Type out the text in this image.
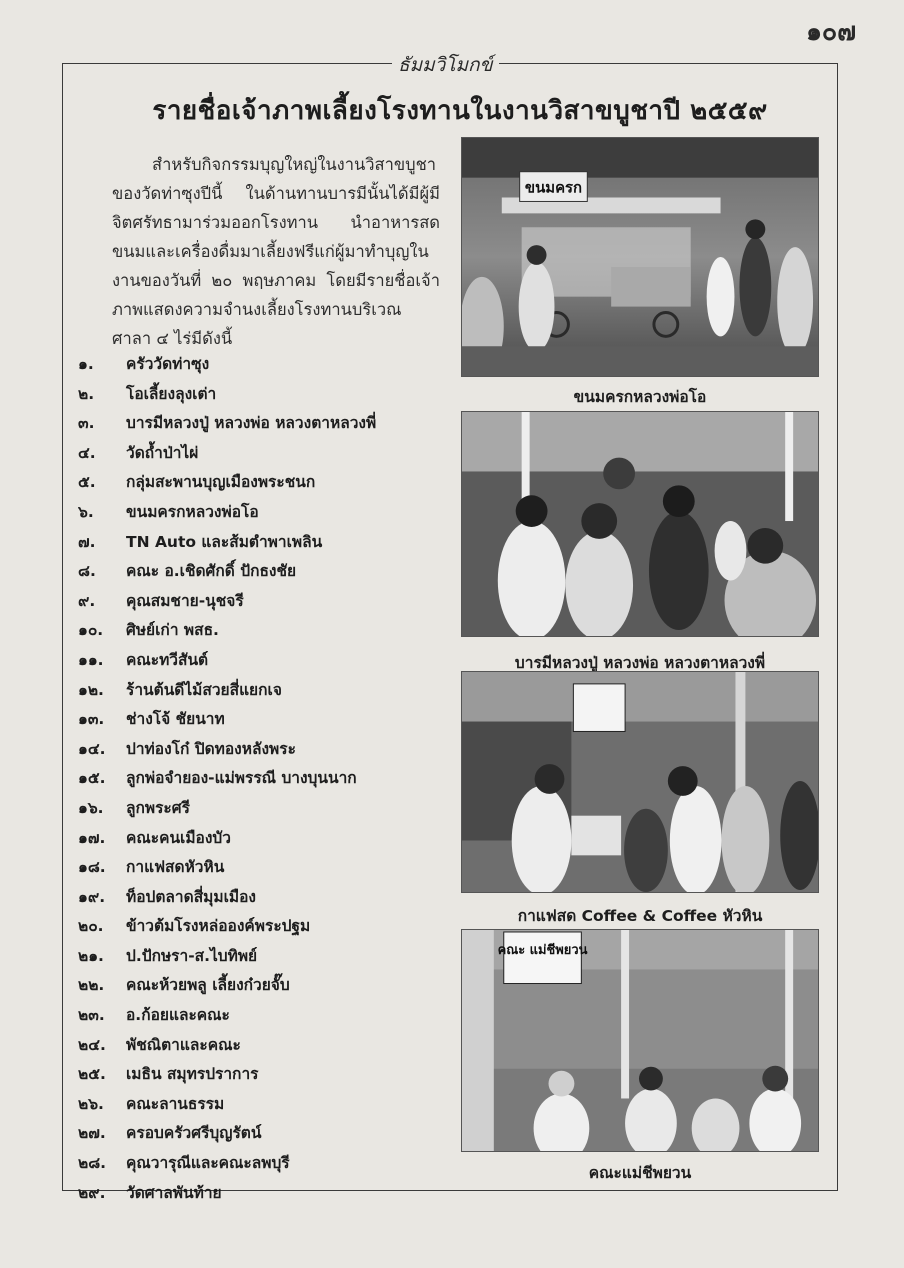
๑๐๗
ธัมมวิโมกข์
รายชื่อเจ้าภาพเลี้ยงโรงทานในงานวิสาขบูชาปี ๒๕๕๙
สำหรับกิจกรรมบุญใหญ่ในงานวิสาขบูชาของวัดท่าซุงปีนี้ ในด้านทานบารมีนั้นได้มีผู้มีจิตศรัทธามาร่วมออกโรงทาน นำอาหารสด ขนมและเครื่องดื่มมาเลี้ยงฟรีแก่ผู้มาทำบุญในงานของวันที่ ๒๐ พฤษภาคม โดยมีรายชื่อเจ้าภาพแสดงความจำนงเลี้ยงโรงทานบริเวณศาลา ๔ ไร่มีดังนี้
๑. ครัววัดท่าซุง
๒. โอเลี้ยงลุงเต่า
๓. บารมีหลวงปู่ หลวงพ่อ หลวงตาหลวงพี่
๔. วัดถ้ำป่าไผ่
๕. กลุ่มสะพานบุญเมืองพระชนก
๖. ขนมครกหลวงพ่อโอ
๗. TN Auto และส้มตำพาเพลิน
๘. คณะ อ.เชิดศักดิ์ ปักธงชัย
๙. คุณสมชาย-นุชจรี
๑๐. ศิษย์เก่า พสธ.
๑๑. คณะทวีสันต์
๑๒. ร้านต้นดีไม้สวยสี่แยกเจ
๑๓. ช่างโจ้ ชัยนาท
๑๔. ปาท่องโก๋ ปิดทองหลังพระ
๑๕. ลูกพ่อจำยอง-แม่พรรณี บางบุนนาก
๑๖. ลูกพระศรี
๑๗. คณะคนเมืองบัว
๑๘. กาแฟสดหัวหิน
๑๙. ท็อปตลาดสี่มุมเมือง
๒๐. ข้าวต้มโรงหล่อองค์พระปฐม
๒๑. ป.ปักษรา-ส.ไบทิพย์
๒๒. คณะห้วยพลู เลี้ยงก๋วยจั๊บ
๒๓. อ.ก้อยและคณะ
๒๔. พัชณิตาและคณะ
๒๕. เมธิน สมุทรปราการ
๒๖. คณะลานธรรม
๒๗. ครอบครัวศรีบุญรัตน์
๒๘. คุณวารุณีและคณะลพบุรี
๒๙. วัดศาลพันท้าย
ขนมครก
ขนมครกหลวงพ่อโอ
บารมีหลวงปู่ หลวงพ่อ หลวงตาหลวงพี่
กาแฟสด Coffee & Coffee หัวหิน
คณะ แม่ชีพยวน
คณะแม่ชีพยวน
